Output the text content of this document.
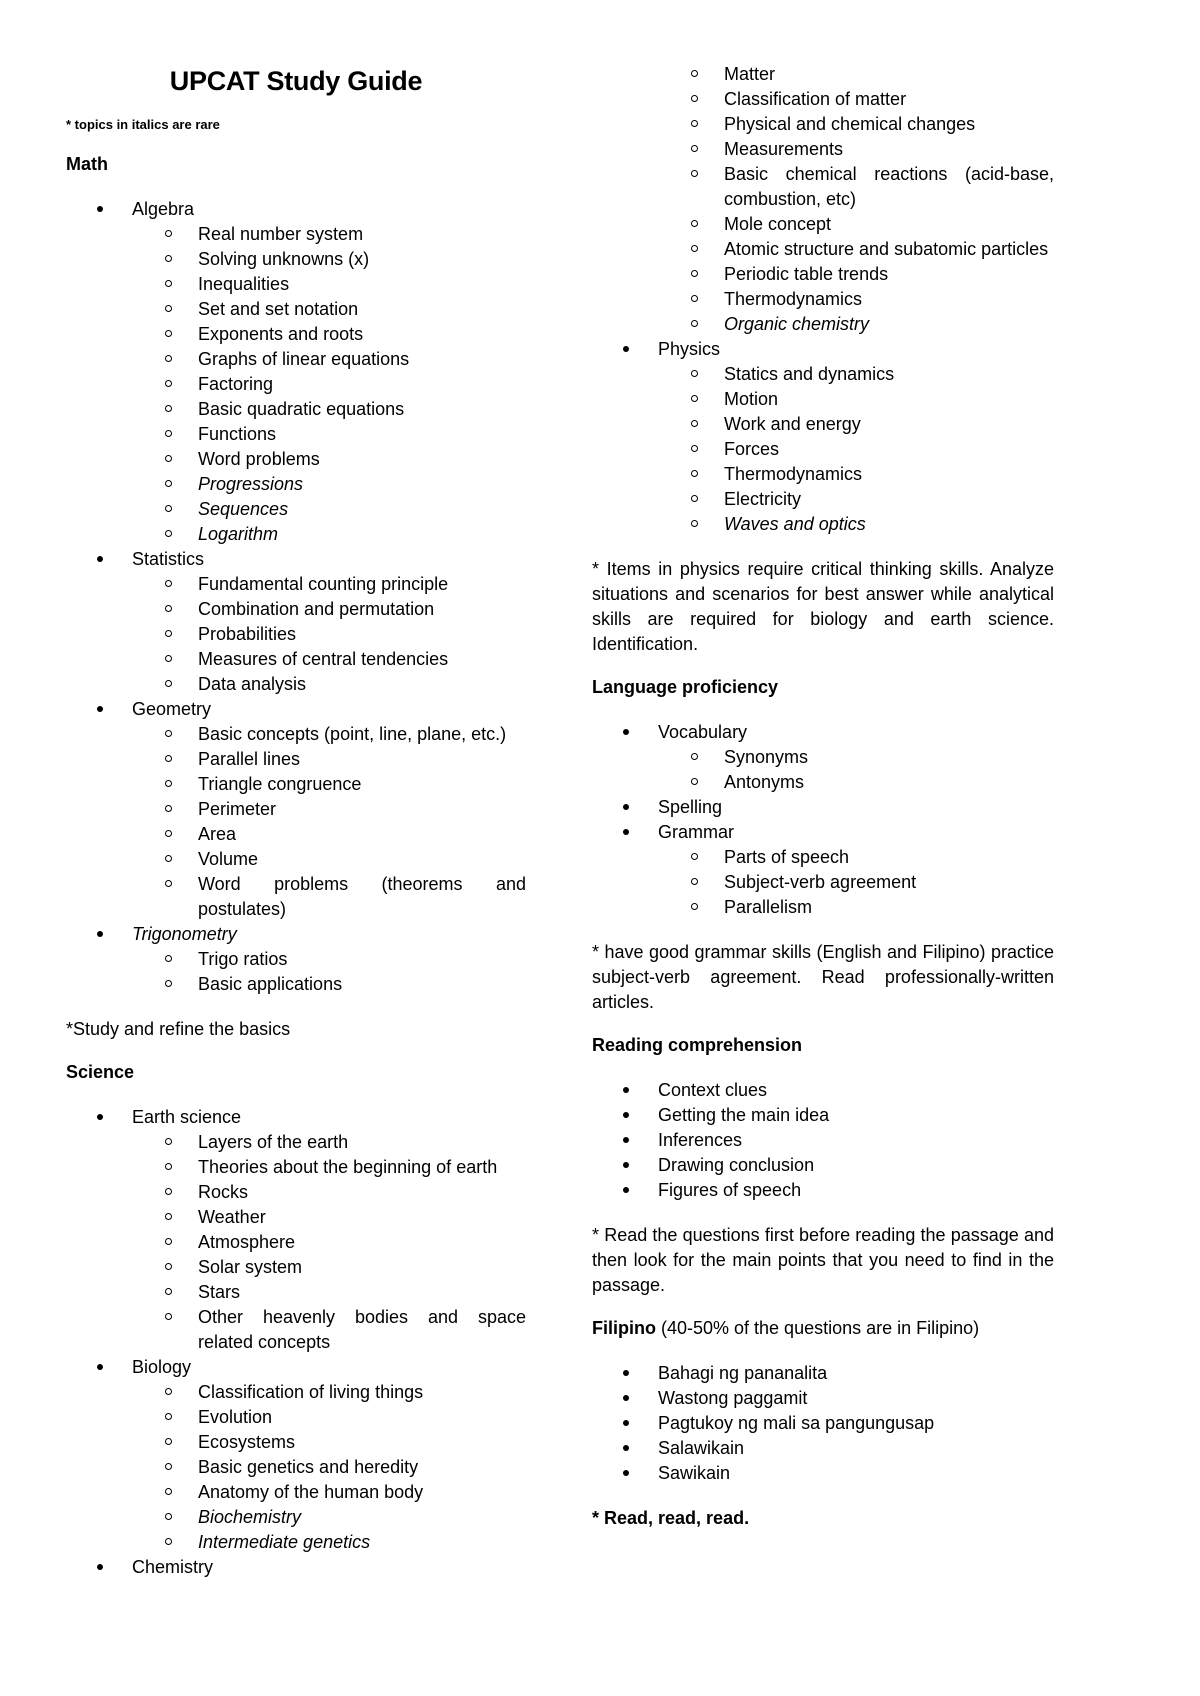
UPCAT Study Guide
* topics in italics are rare
Math
Algebra
Real number system
Solving unknowns (x)
Inequalities
Set and set notation
Exponents and roots
Graphs of linear equations
Factoring
Basic quadratic equations
Functions
Word problems
Progressions
Sequences
Logarithm
Statistics
Fundamental counting principle
Combination and permutation
Probabilities
Measures of central tendencies
Data analysis
Geometry
Basic concepts (point, line, plane, etc.)
Parallel lines
Triangle congruence
Perimeter
Area
Volume
Word problems (theorems and postulates)
Trigonometry
Trigo ratios
Basic applications
*Study and refine the basics
Science
Earth science
Layers of the earth
Theories about the beginning of earth
Rocks
Weather
Atmosphere
Solar system
Stars
Other heavenly bodies and space related concepts
Biology
Classification of living things
Evolution
Ecosystems
Basic genetics and heredity
Anatomy of the human body
Biochemistry
Intermediate genetics
Chemistry
Matter
Classification of matter
Physical and chemical changes
Measurements
Basic chemical reactions (acid-base, combustion, etc)
Mole concept
Atomic structure and subatomic particles
Periodic table trends
Thermodynamics
Organic chemistry
Physics
Statics and dynamics
Motion
Work and energy
Forces
Thermodynamics
Electricity
Waves and optics
* Items in physics require critical thinking skills. Analyze situations and scenarios for best answer while analytical skills are required for biology and earth science. Identification.
Language proficiency
Vocabulary
Synonyms
Antonyms
Spelling
Grammar
Parts of speech
Subject-verb agreement
Parallelism
* have good grammar skills (English and Filipino) practice subject-verb agreement. Read professionally-written articles.
Reading comprehension
Context clues
Getting the main idea
Inferences
Drawing conclusion
Figures of speech
* Read the questions first before reading the passage and then look for the main points that you need to find in the passage.
Filipino (40-50% of the questions are in Filipino)
Bahagi ng pananalita
Wastong paggamit
Pagtukoy ng mali sa pangungusap
Salawikain
Sawikain
* Read, read, read.
